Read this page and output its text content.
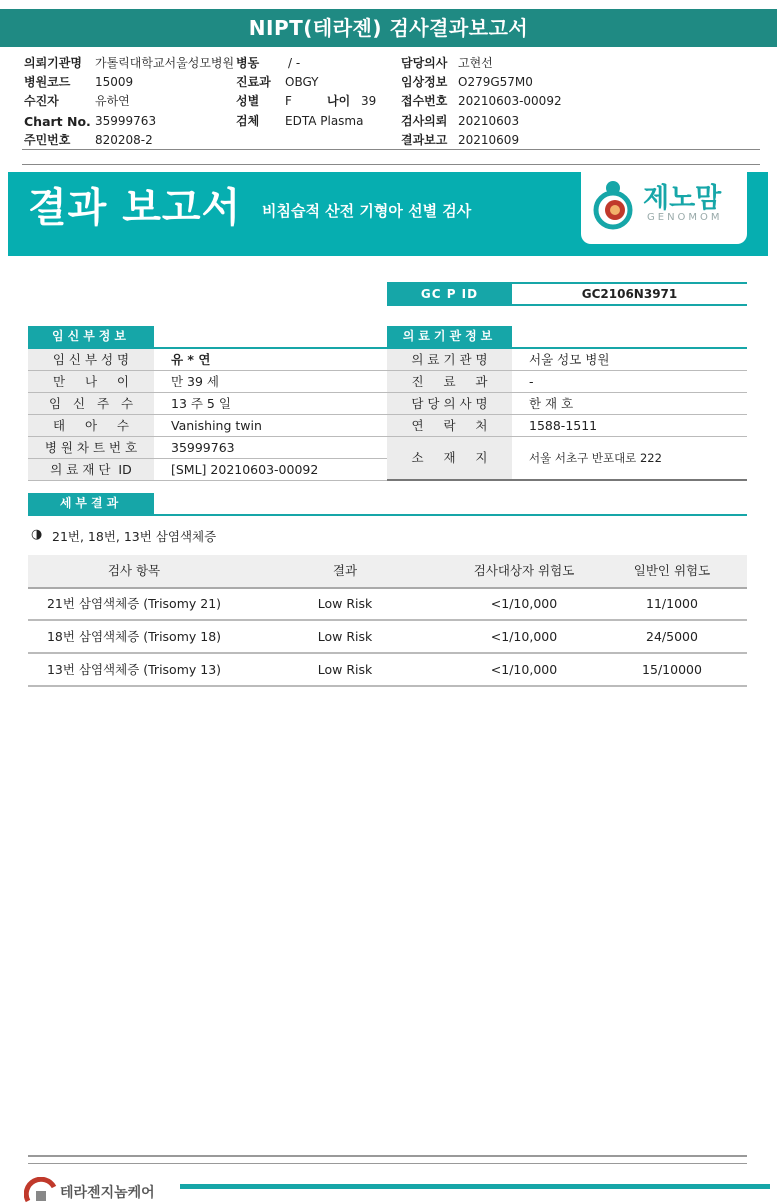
NIPT(테라젠) 검사결과보고서
의뢰기관명 가톨릭대학교서울성모병원 병동 / -	담당의사 고현선
병원코드 15009	진료과 OBGY	임상정보 O279G57M0
수진자	유하연	성별 F	나이 39 접수번호 20210603-00092
Chart No. 35999763	검체 EDTA Plasma	검사의뢰 20210603
주민번호 820208-2	결과보고 20210609
결과 보고서 비침습적 산전 기형아 선별 검사	제노맘
GENOMOM
GC P ID	GC2106N3971
임신부정보
임 신 부 성 명	유 * 연
만     나     이	만 39 세
임   신   주   수	13 주 5 일
태     아     수	Vanishing twin
병 원 차 트 번 호	35999763
의 료 재 단  ID	[SML] 20210603-00092
의료기관정보
의 료 기 관 명	서울 성모 병원
진     료     과	-
담 당 의 사 명	한 재 호
연     락     처	1588-1511
소     재     지	서울 서초구 반포대로 222
세부결과
◑ 21번, 18번, 13번 삼염색체증
검사 항목	결과	검사대상자 위험도	일반인 위험도
21번 삼염색체증 (Trisomy 21)	Low Risk	<1/10,000	11/1000
18번 삼염색체증 (Trisomy 18)	Low Risk	<1/10,000	24/5000
13번 삼염색체증 (Trisomy 13)	Low Risk	<1/10,000	15/10000
테라젠지놈케어
